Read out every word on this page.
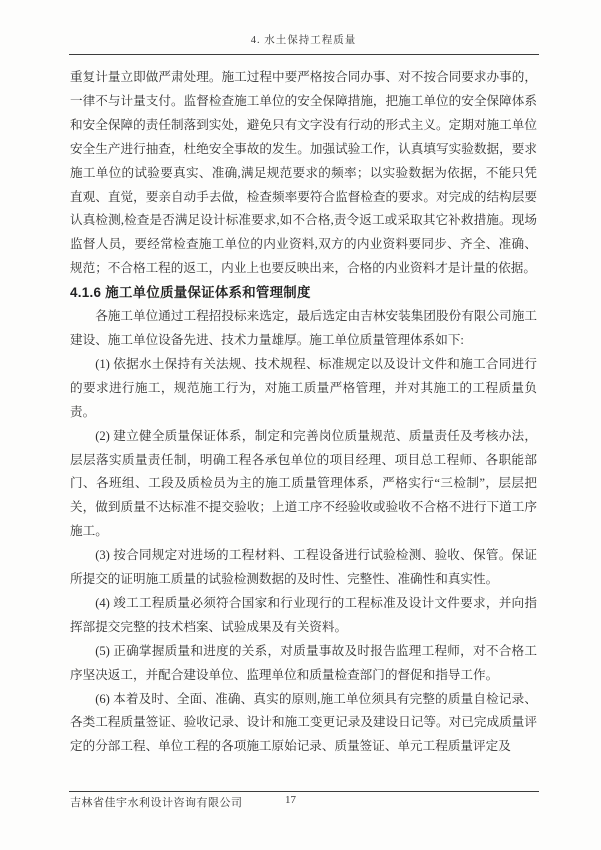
4. 水土保持工程质量

重复计量立即做严肃处理。施工过程中要严格按合同办事、对不按合同要求办事的，一律不与计量支付。监督检查施工单位的安全保障措施，把施工单位的安全保障体系和安全保障的责任制落到实处，避免只有文字没有行动的形式主义。定期对施工单位安全生产进行抽查，杜绝安全事故的发生。加强试验工作，认真填写实验数据，要求施工单位的试验要真实、准确,满足规范要求的频率；以实验数据为依据，不能只凭直观、直觉，要亲自动手去做，检查频率要符合监督检查的要求。对完成的结构层要认真检测,检查是否满足设计标准要求,如不合格,责令返工或采取其它补救措施。现场监督人员，要经常检查施工单位的内业资料,双方的内业资料要同步、齐全、准确、规范；不合格工程的返工，内业上也要反映出来，合格的内业资料才是计量的依据。

4.1.6 施工单位质量保证体系和管理制度

各施工单位通过工程招投标来选定，最后选定由吉林安装集团股份有限公司施工建设、施工单位设备先进、技术力量雄厚。施工单位质量管理体系如下:

(1) 依据水土保持有关法规、技术规程、标准规定以及设计文件和施工合同进行的要求进行施工，规范施工行为，对施工质量严格管理，并对其施工的工程质量负责。

(2) 建立健全质量保证体系，制定和完善岗位质量规范、质量责任及考核办法，层层落实质量责任制，明确工程各承包单位的项目经理、项目总工程师、各职能部门、各班组、工段及质检员为主的施工质量管理体系，严格实行“三检制”，层层把关，做到质量不达标准不提交验收；上道工序不经验收或验收不合格不进行下道工序施工。

(3) 按合同规定对进场的工程材料、工程设备进行试验检测、验收、保管。保证所提交的证明施工质量的试验检测数据的及时性、完整性、准确性和真实性。

(4) 竣工工程质量必须符合国家和行业现行的工程标准及设计文件要求，并向指挥部提交完整的技术档案、试验成果及有关资料。

(5) 正确掌握质量和进度的关系，对质量事故及时报告监理工程师，对不合格工序坚决返工，并配合建设单位、监理单位和质量检查部门的督促和指导工作。

(6) 本着及时、全面、准确、真实的原则,施工单位须具有完整的质量自检记录、各类工程质量签证、验收记录、设计和施工变更记录及建设日记等。对已完成质量评定的分部工程、单位工程的各项施工原始记录、质量签证、单元工程质量评定及

吉林省佳宇水利设计咨询有限公司	17
